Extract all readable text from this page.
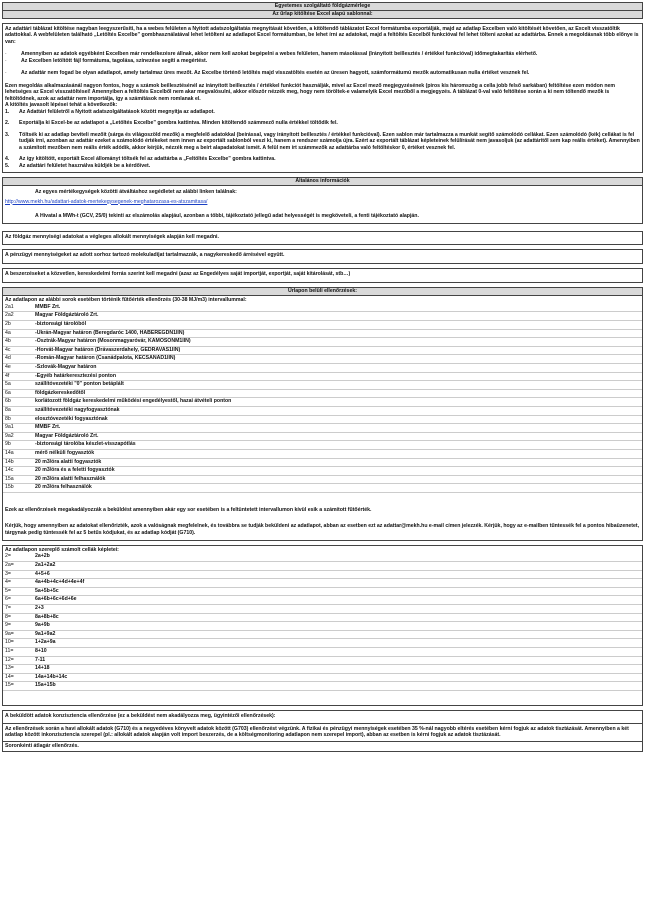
Egyetemes szolgáltató földgázmérlege
Az űrlap kitöltése Excel alapú sablonnal:

Az adattári táblázat kitöltése nagyban leegyszerűsíti, ha a webes felületen a Nyitott adatszolgáltatás megnyitását követően, a kitöltendő táblázatot Excel formátumba exportálják, majd az adatlap Excelben való kitöltését követően, az Excelt visszatöltik adattokkal. A webfelületen található „Letöltés Excelbe” gombhasználatával lehet letölteni az adatlapot Excel formátumban, be lehet írni az adatokat, majd a feltöltés Excelből funkcióval fel lehet tölteni azokat az adattárba. Ennek a megoldásnak több előnye is van:

·	Amennyiben az adatok egyébként Excelben már rendelkezésre állnak, akkor nem kell azokat begépelni a webes felületen, hanem másolással (Irányított beillesztés / értékkel funkcióval) időmegtakarítás elérhető.
·	Az Excelben letöltött fájl formátuma, tagolása, színezése segíti a megértést.
·	Az adattár nem fogad be olyan adatlapot, amely tartalmaz üres mezőt. Az Excelbe történő letöltés majd visszatöltés esetén az üresen hagyott, számformátumú mezők automatikusan nulla értéket vesznek fel.

Ezen megoldás alkalmazásánál nagyon fontos, hogy a számok beillesztésénél az irányított beillesztés / értékkel funkciót használják, mivel az Excel mező megjegyzésének (piros kis háromszög a cella jobb felső sarkában) feltöltése ezen módon nem lehetséges az Excel visszatöltései! Amennyiben a feltöltés Excelből nem akar megvalósulni, akkor először nézzék meg, hogy nem töröltek-e valamelyik Excel mezőből a megjegyzés. A táblázat 0-val való feltöltése során a ki nem töltendő mezők is feltöltődnek, azok az adattár nem importálja, így a számítások nem romlanak el.

A kitöltés javasolt lépései tehát a következők:

1.	Az Adattári felületről a Nyitott adatszolgáltatások között megnyitja az adatlapot.
2.	Exportálja ki Excel-be az adatlapot a „Letöltés Excelbe” gombra kattintva. Minden kitöltendő számmező nulla értékkel töltődik fel.
3.	Töltsék ki az adatlap beviteli mezőit (sárga és világoszöld mezők) a megfelelő adatokkal (beírással, vagy irányított beillesztés / értékkel funkcióval). Ezen sablon már tartalmazza a munkát segítő számolódó cellákat. Ezen számolódó (kék) cellákat is fel tudják írni, azonban az adattár ezeket a számolódó értékeket nem innen az exportált sablonból veszi ki, hanem a rendszer számolja újra. Ezért az exportált táblázat képleteinek felülírását nem javasoljuk (az adattáritől sem kap reális értéket). Amennyiben a számított mezőben nem reális érték adódik, akkor kérjük, nézzék meg a beírt alapadatokat ismét. A felül nem írt számmezők az adattárba való feltöltéskor 0, értéket vesznek fel.
4.	Az így kitöltött, exportált Excel állományt töltsék fel az adattárba a „Feltöltés Excelbe” gombra kattintva.
5.	Az adattári felületet használva küldjék be a kérdőívet.
Általános információk

Az egyes mértékegységek közötti átváltáshoz segédletet az alábbi linken találnak:

http://www.mekh.hu/adattari-adatok-mertekegysegenek-meghatarozasa-es-atszamitasa/

A Hivatal a MWh-t (GCV, 25/0) tekinti az elszámolás alapjául, azonban a többi, tájékoztató jellegű adat helyességét is megköveteli, a fenti tájékoztató alapján.

Az földgáz mennyiségi adatokat a végleges allokált mennyiségek alapján kell megadni.
A pénzügyi mennyiségeket az adott sorhoz tartozó molekuladíjat tartalmazzák, a nagykereskedő árrésével együtt.
A beszerzéseket a közvetlen, kereskedelmi forrás szerint kell megadni (azaz az Engedélyes saját importját, exportját, saját kitárolását, stb…)
Űrlapon belüli ellenőrzések:

Az adatlapon az alábbi sorok esetében történik fűtőérték ellenőrzés (30-38 MJ/m3) intervallummal:

2a1	MMBF Zrt.
2a2	Magyar Földgáztároló Zrt.
2b	-biztonsági tárolóból
4a	-Ukrán-Magyar határon (Beregdaróc 1400, HABEREGDN1IIN)
4b	-Osztrák-Magyar határon (Mosonmagyaróvár, KAMOSONM1IIN)
4c	-Horvát-Magyar határon (Drávaszerdahely, GEDRAVAS1IIN)
4d	-Román-Magyar határon (Csanádpalota, KECSANAD1IIN)
4e	-Szlovák-Magyar határon
4f	-Egyéb határkeresztezési ponton
5a	szállítóvezetéki "0" ponton betáplált
6a	földgázkereskedőtől
6b	korlátozott földgáz kereskedelmi működési engedélyestől, hazai átvételi ponton
8a	szállítóvezetéki nagyfogyasztónak
8b	elosztóvezetéki fogyasztónak
9a1	MMBF Zrt.
9a2	Magyar Földgáztároló Zrt.
9b	-biztonsági tárolóba készlet-visszapótlás
14a	mérő nélküli fogyasztók
14b	20 m3/óra alatti fogyasztók
14c	20 m3/óra és a feletti fogyasztók
15a	20 m3/óra alatti felhasználók
15b	20 m3/óra felhasználók

Ezek az ellenőrzések megakadályozzák a beküldést amennyiben akár egy sor esetében is a feltüntetett intervallumon kívül esik a számított fűtőérték.

Kérjük, hogy amennyiben az adatokat ellenőrizték, azok a valóságnak megfelelnek, és továbbra se tudják beküldeni az adatlapot, abban az esetben ezt az adattar@mekh.hu e-mail címen jelezzék. Kérjük, hogy az e-mailben tűntessék fel a pontos hibaüzenetet, tárgynak pedig tüntessék fel az 5 betűs kódjukat, és az adatlap kódját (G710).

Az adatlapon szereplő számolt cellák képletei:

2=	2a+2b
2a=	2a1+2a2
3=	4+5+6
4=	4a+4b+4c+4d+4e+4f
5=	5a+5b+5c
6=	6a+6b+6c+6d+6e
7=	2+3
8=	8a+8b+8c
9=	9a+9b
9a=	9a1+9a2
10=	1+2a+9a
11=	8+10
12=	7-11
13=	14+18
14=	14a+14b+14c
15=	15a+15b
A beküldött adatok konzisztencia ellenőrzése (ez a beküldést nem akadályozza meg, ügyintézői ellenőrzések):
Az ellenőrzések során a havi allokált adatok (G710) és a negyedéves könyvelt adatok között (G703) ellenőrzést végzünk. A fizikai és pénzügyi mennyiségek esetében 35 %-nál nagyobb eltérés esetében kérni fogjuk az adatok tisztázását. Amennyiben a két adatlap között inkonzisztencia szerepel (pl.: allokált adatok alapján volt import beszerzés, de a költségmonitoring adatlapon nem szerepel import), abban az esetben is kérni fogjuk az adatok tisztázását.
Soronkénti átlagár ellenőrzés.
